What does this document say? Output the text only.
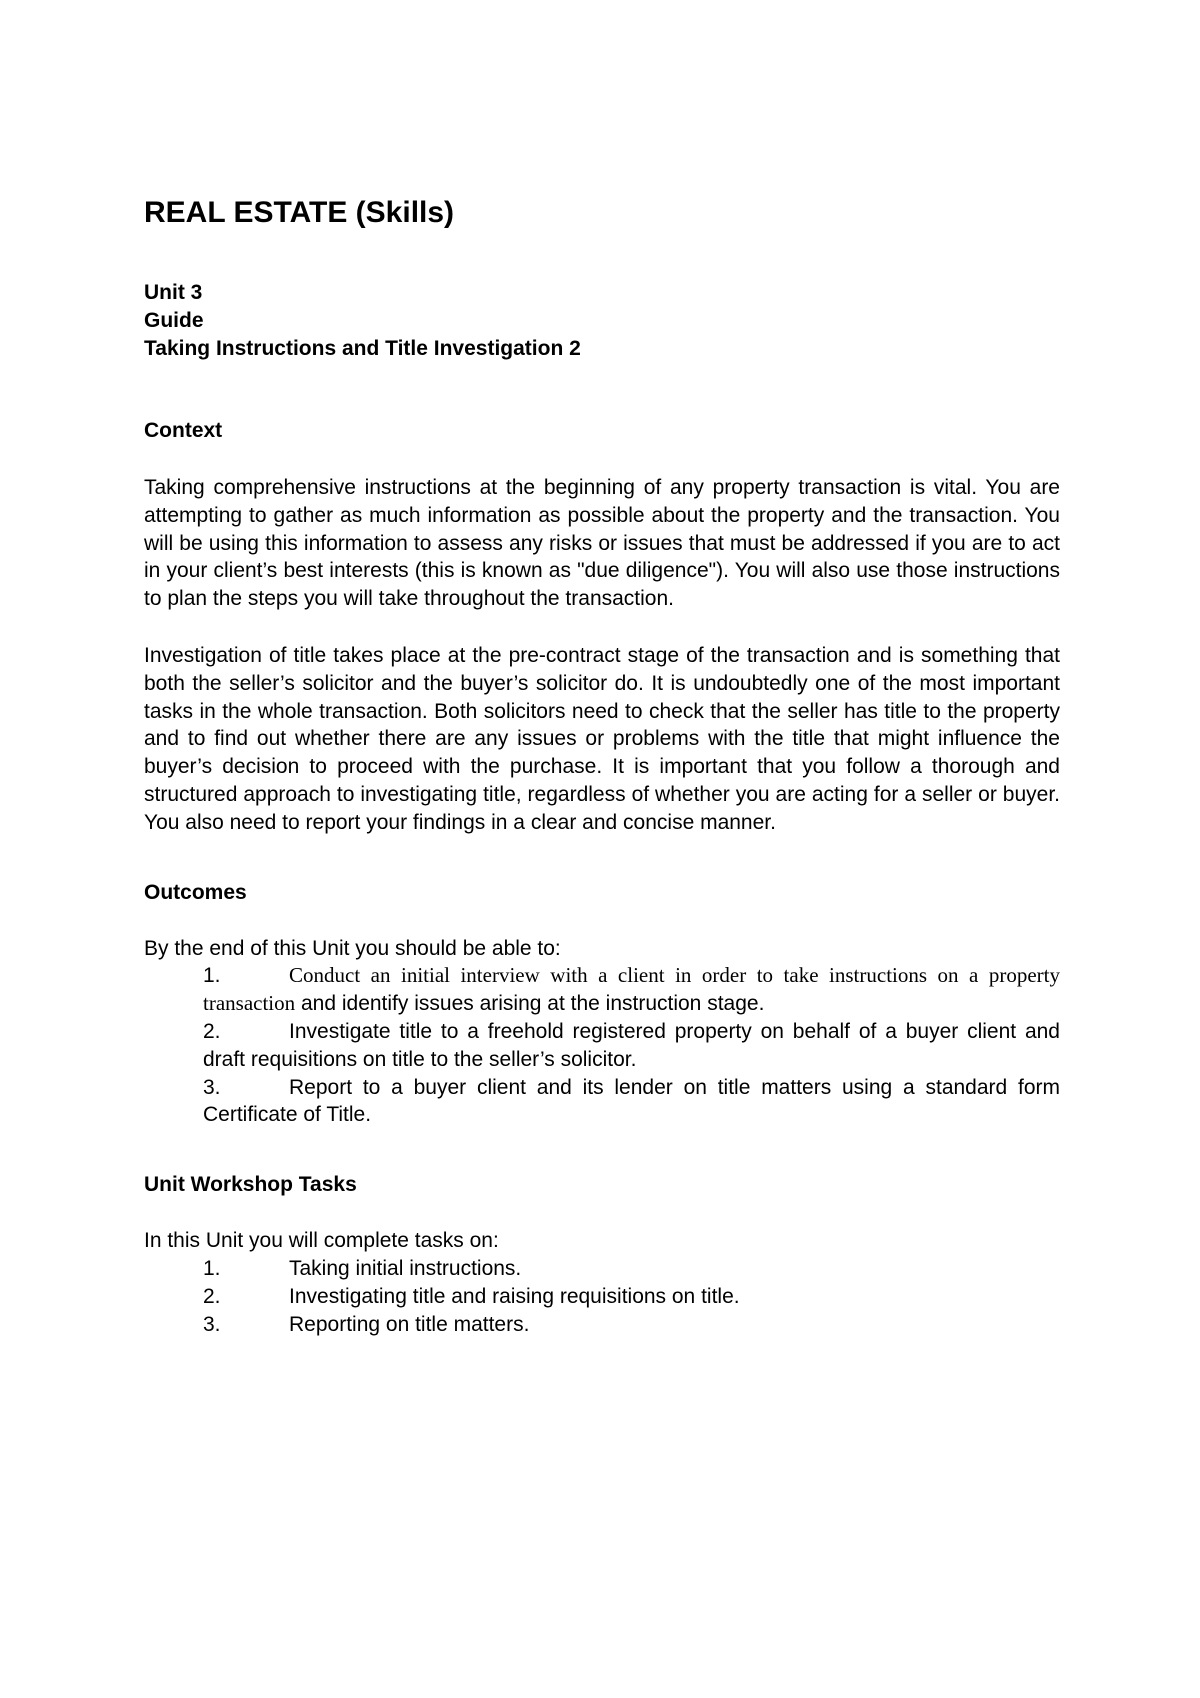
REAL ESTATE (Skills)
Unit 3
Guide
Taking Instructions and Title Investigation 2
Context

Taking comprehensive instructions at the beginning of any property transaction is vital. You are attempting to gather as much information as possible about the property and the transaction. You will be using this information to assess any risks or issues that must be addressed if you are to act in your client’s best interests (this is known as "due diligence"). You will also use those instructions to plan the steps you will take throughout the transaction.

Investigation of title takes place at the pre-contract stage of the transaction and is something that both the seller’s solicitor and the buyer’s solicitor do. It is undoubtedly one of the most important tasks in the whole transaction. Both solicitors need to check that the seller has title to the property and to find out whether there are any issues or problems with the title that might influence the buyer’s decision to proceed with the purchase. It is important that you follow a thorough and structured approach to investigating title, regardless of whether you are acting for a seller or buyer. You also need to report your findings in a clear and concise manner.

Outcomes

By the end of this Unit you should be able to:

1.	Conduct an initial interview with a client in order to take instructions on a property transaction and identify issues arising at the instruction stage.
2.	Investigate title to a freehold registered property on behalf of a buyer client and draft requisitions on title to the seller’s solicitor.
3.	Report to a buyer client and its lender on title matters using a standard form Certificate of Title.
Unit Workshop Tasks

In this Unit you will complete tasks on:

1.	Taking initial instructions.
2.	Investigating title and raising requisitions on title.
3.	Reporting on title matters.
